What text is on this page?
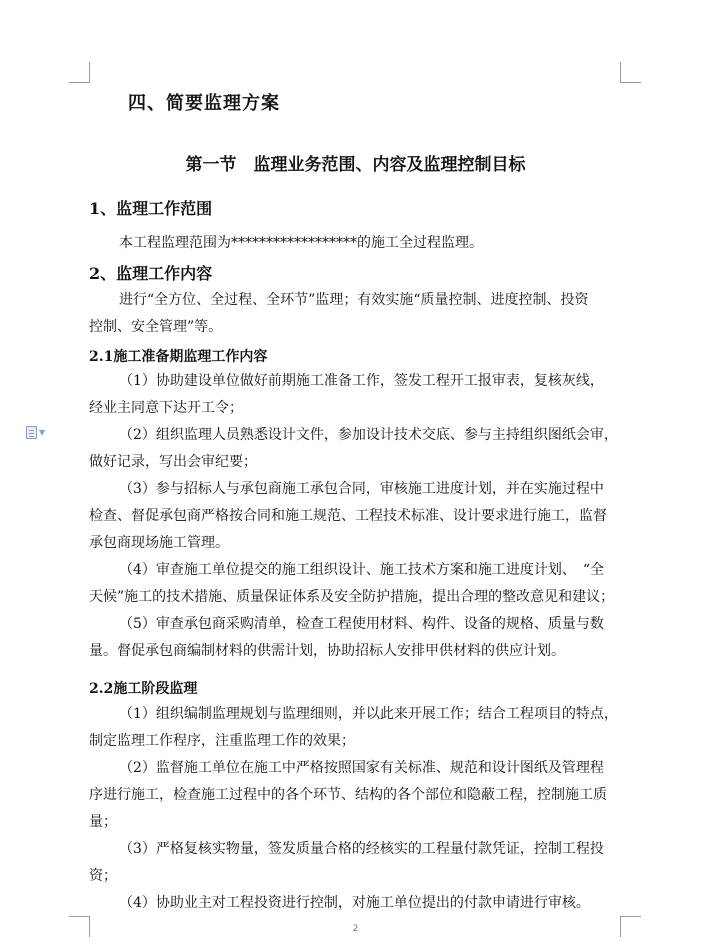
▼
四、简要监理方案
第一节　监理业务范围、内容及监理控制目标
1、监理工作范围
本工程监理范围为******************的施工全过程监理。
2、监理工作内容
进行“全方位、全过程、全环节”监理；有效实施“质量控制、进度控制、投资
控制、安全管理”等。
2.1施工准备期监理工作内容
（1）协助建设单位做好前期施工准备工作，签发工程开工报审表，复核灰线，
经业主同意下达开工令；
（2）组织监理人员熟悉设计文件，参加设计技术交底、参与主持组织图纸会审，
做好记录，写出会审纪要；
（3）参与招标人与承包商施工承包合同，审核施工进度计划，并在实施过程中
检查、督促承包商严格按合同和施工规范、工程技术标准、设计要求进行施工，监督
承包商现场施工管理。
（4）审查施工单位提交的施工组织设计、施工技术方案和施工进度计划、　“全
天候”施工的技术措施、质量保证体系及安全防护措施，提出合理的整改意见和建议；
（5）审查承包商采购清单，检查工程使用材料、构件、设备的规格、质量与数
量。督促承包商编制材料的供需计划，协助招标人安排甲供材料的供应计划。
2.2施工阶段监理
（1）组织编制监理规划与监理细则，并以此来开展工作；结合工程项目的特点，
制定监理工作程序，注重监理工作的效果；
（2）监督施工单位在施工中严格按照国家有关标准、规范和设计图纸及管理程
序进行施工，检查施工过程中的各个环节、结构的各个部位和隐蔽工程，控制施工质
量；
（3）严格复核实物量，签发质量合格的经核实的工程量付款凭证，控制工程投
资；
（4）协助业主对工程投资进行控制，对施工单位提出的付款申请进行审核。
2
